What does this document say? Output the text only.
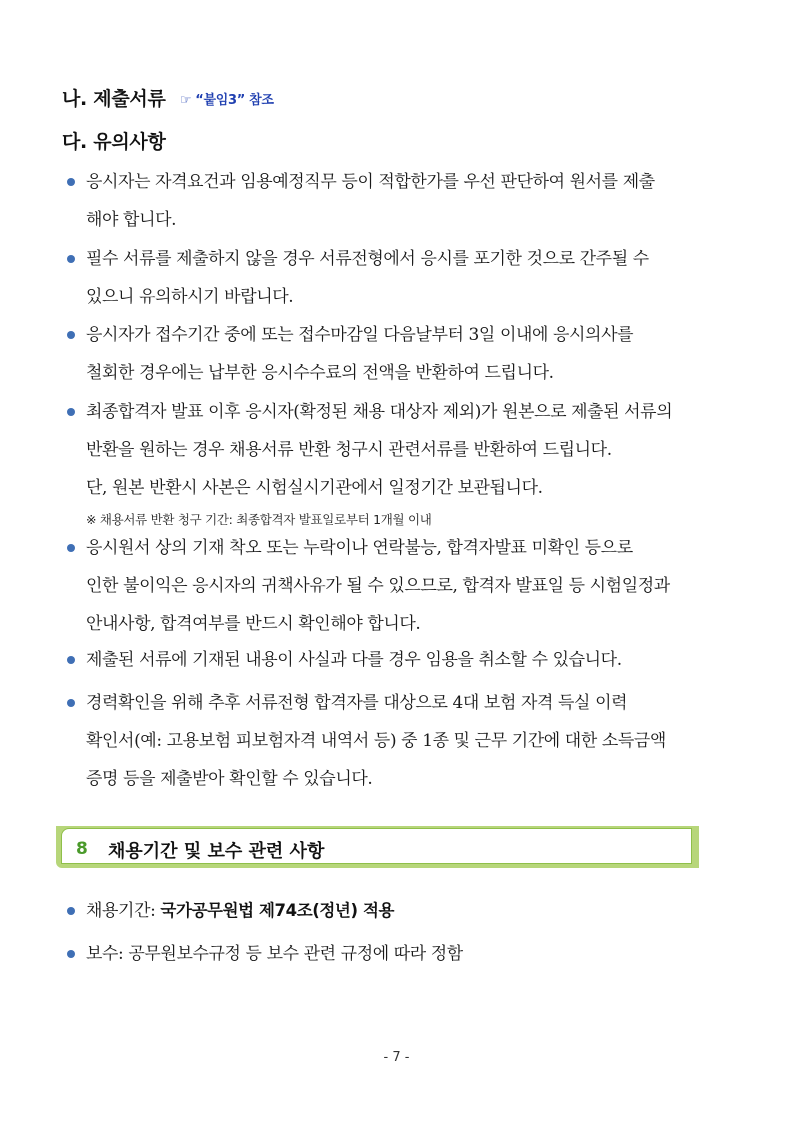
나. 제출서류 ☞ “붙임3” 참조
다. 유의사항
응시자는 자격요건과 임용예정직무 등이 적합한가를 우선 판단하여 원서를 제출
해야 합니다.
필수 서류를 제출하지 않을 경우 서류전형에서 응시를 포기한 것으로 간주될 수
있으니 유의하시기 바랍니다.
응시자가 접수기간 중에 또는 접수마감일 다음날부터 3일 이내에 응시의사를
철회한 경우에는 납부한 응시수수료의 전액을 반환하여 드립니다.
최종합격자 발표 이후 응시자(확정된 채용 대상자 제외)가 원본으로 제출된 서류의
반환을 원하는 경우 채용서류 반환 청구시 관련서류를 반환하여 드립니다.
단, 원본 반환시 사본은 시험실시기관에서 일정기간 보관됩니다.
※ 채용서류 반환 청구 기간: 최종합격자 발표일로부터 1개월 이내
응시원서 상의 기재 착오 또는 누락이나 연락불능, 합격자발표 미확인 등으로
인한 불이익은 응시자의 귀책사유가 될 수 있으므로, 합격자 발표일 등 시험일정과
안내사항, 합격여부를 반드시 확인해야 합니다.
제출된 서류에 기재된 내용이 사실과 다를 경우 임용을 취소할 수 있습니다.
경력확인을 위해 추후 서류전형 합격자를 대상으로 4대 보험 자격 득실 이력
확인서(예: 고용보험 피보험자격 내역서 등) 중 1종 및 근무 기간에 대한 소득금액
증명 등을 제출받아 확인할 수 있습니다.
8 채용기간 및 보수 관련 사항
채용기간: 국가공무원법 제74조(정년) 적용
보수: 공무원보수규정 등 보수 관련 규정에 따라 정함
- 7 -
